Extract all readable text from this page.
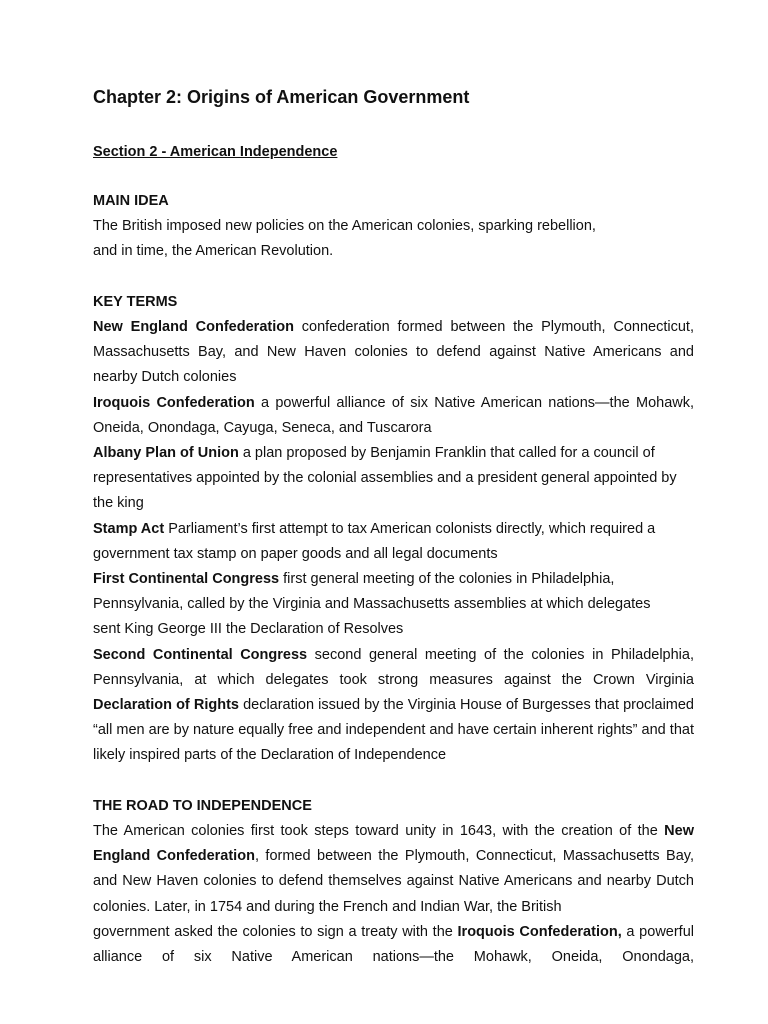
Chapter 2: Origins of American Government
Section 2 - American Independence
MAIN IDEA

The British imposed new policies on the American colonies, sparking rebellion,

and in time, the American Revolution.

KEY TERMS

New England Confederation confederation formed between the Plymouth, Connecticut, Massachusetts Bay, and New Haven colonies to defend against Native Americans and nearby Dutch colonies

Iroquois Confederation a powerful alliance of six Native American nations—the Mohawk, Oneida, Onondaga, Cayuga, Seneca, and Tuscarora

Albany Plan of Union a plan proposed by Benjamin Franklin that called for a council of representatives appointed by the colonial assemblies and a president general appointed by the king

Stamp Act Parliament’s first attempt to tax American colonists directly, which required a government tax stamp on paper goods and all legal documents

First Continental Congress first general meeting of the colonies in Philadelphia,

Pennsylvania, called by the Virginia and Massachusetts assemblies at which delegates

sent King George III the Declaration of Resolves

Second Continental Congress second general meeting of the colonies in Philadelphia,

Pennsylvania, at which delegates took strong measures against the Crown Virginia

Declaration of Rights declaration issued by the Virginia House of Burgesses that proclaimed “all men are by nature equally free and independent and have certain inherent rights” and that likely inspired parts of the Declaration of Independence

THE ROAD TO INDEPENDENCE

The American colonies first took steps toward unity in 1643, with the creation of the New England Confederation, formed between the Plymouth, Connecticut, Massachusetts Bay, and New Haven colonies to defend themselves against Native Americans and nearby Dutch colonies. Later, in 1754 and during the French and Indian War, the British

government asked the colonies to sign a treaty with the Iroquois Confederation, a powerful alliance of six Native American nations—the Mohawk, Oneida, Onondaga,
